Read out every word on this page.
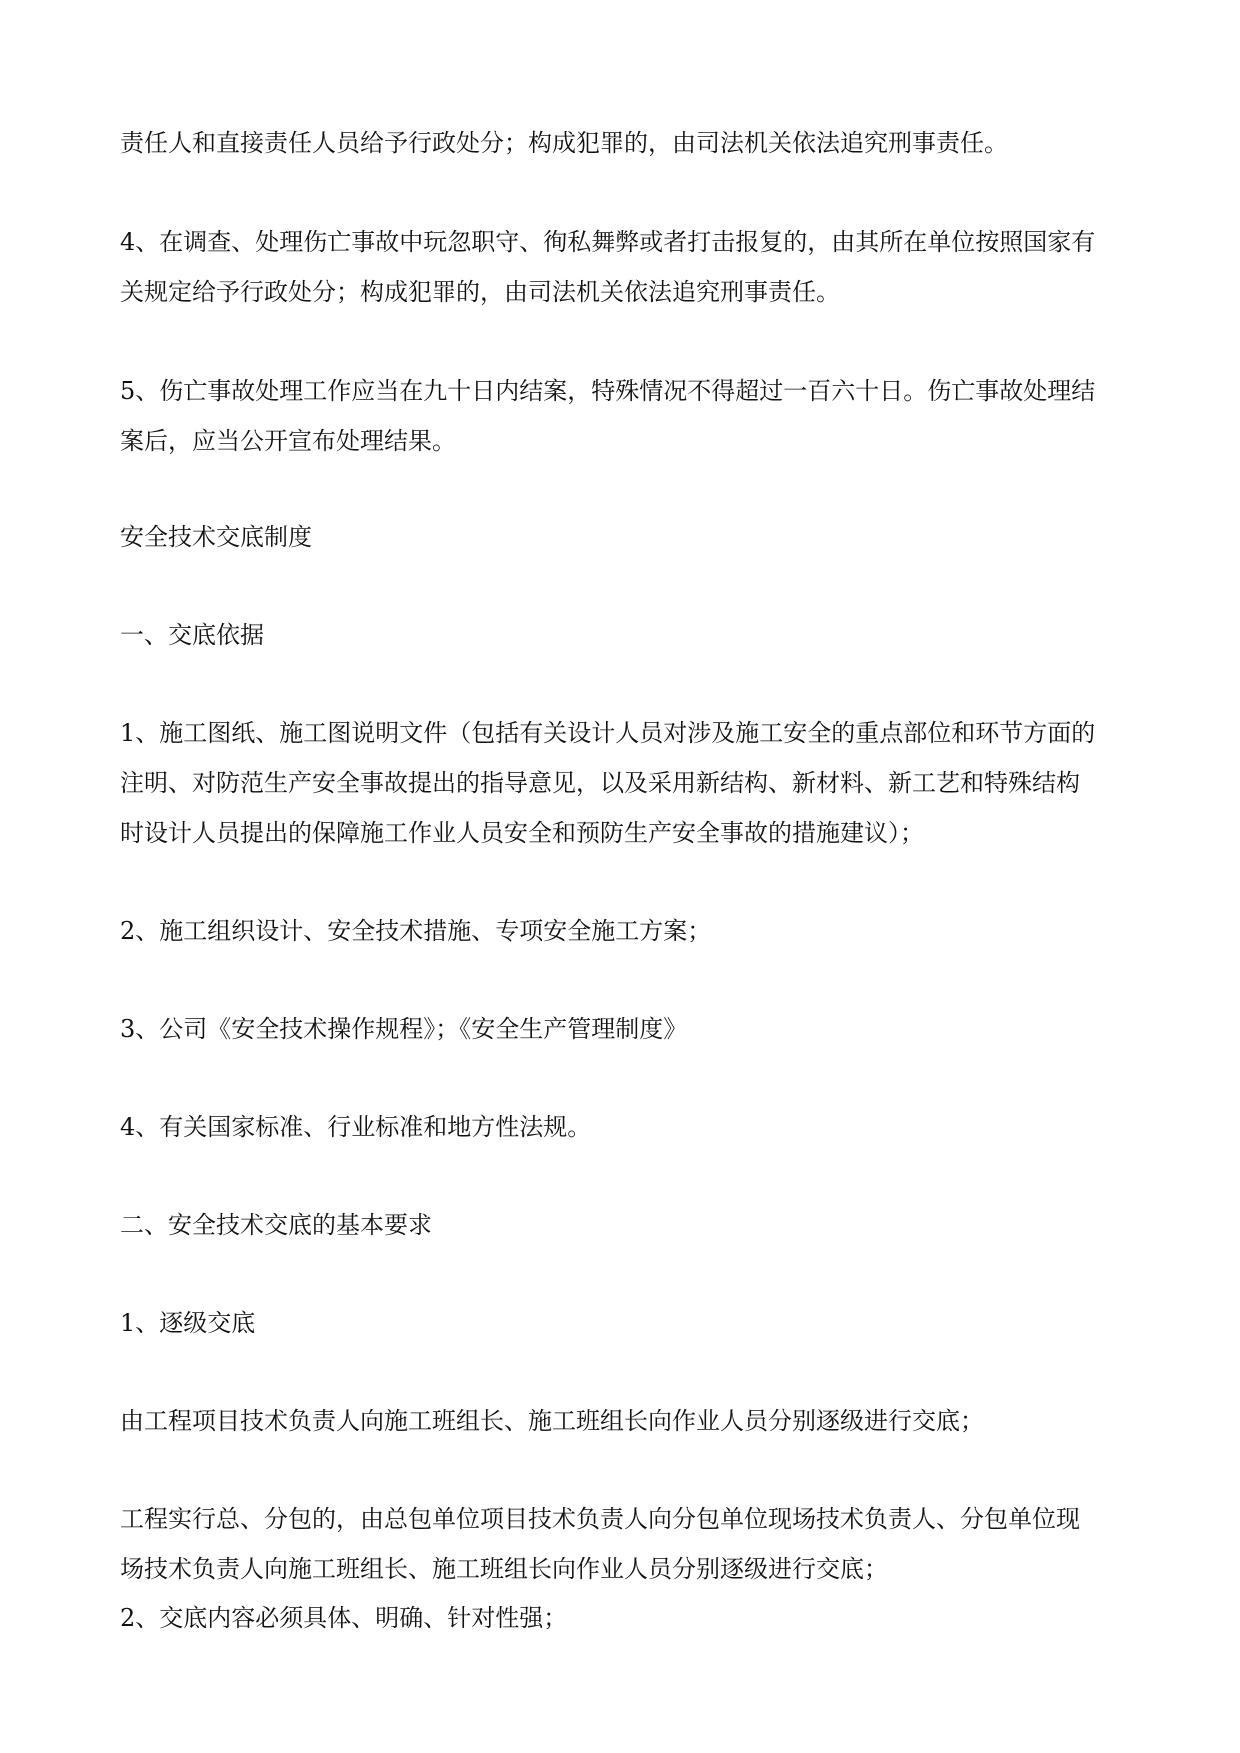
责任人和直接责任人员给予行政处分；构成犯罪的，由司法机关依法追究刑事责任。

4、在调查、处理伤亡事故中玩忽职守、徇私舞弊或者打击报复的，由其所在单位按照国家有

关规定给予行政处分；构成犯罪的，由司法机关依法追究刑事责任。

5、伤亡事故处理工作应当在九十日内结案，特殊情况不得超过一百六十日。伤亡事故处理结

案后，应当公开宣布处理结果。

安全技术交底制度

一、交底依据

1、施工图纸、施工图说明文件（包括有关设计人员对涉及施工安全的重点部位和环节方面的

注明、对防范生产安全事故提出的指导意见，以及采用新结构、新材料、新工艺和特殊结构

时设计人员提出的保障施工作业人员安全和预防生产安全事故的措施建议）；

2、施工组织设计、安全技术措施、专项安全施工方案；

3、公司《安全技术操作规程》；《安全生产管理制度》

4、有关国家标准、行业标准和地方性法规。

二、安全技术交底的基本要求

1、逐级交底

由工程项目技术负责人向施工班组长、施工班组长向作业人员分别逐级进行交底；

工程实行总、分包的，由总包单位项目技术负责人向分包单位现场技术负责人、分包单位现

场技术负责人向施工班组长、施工班组长向作业人员分别逐级进行交底；

2、交底内容必须具体、明确、针对性强；
